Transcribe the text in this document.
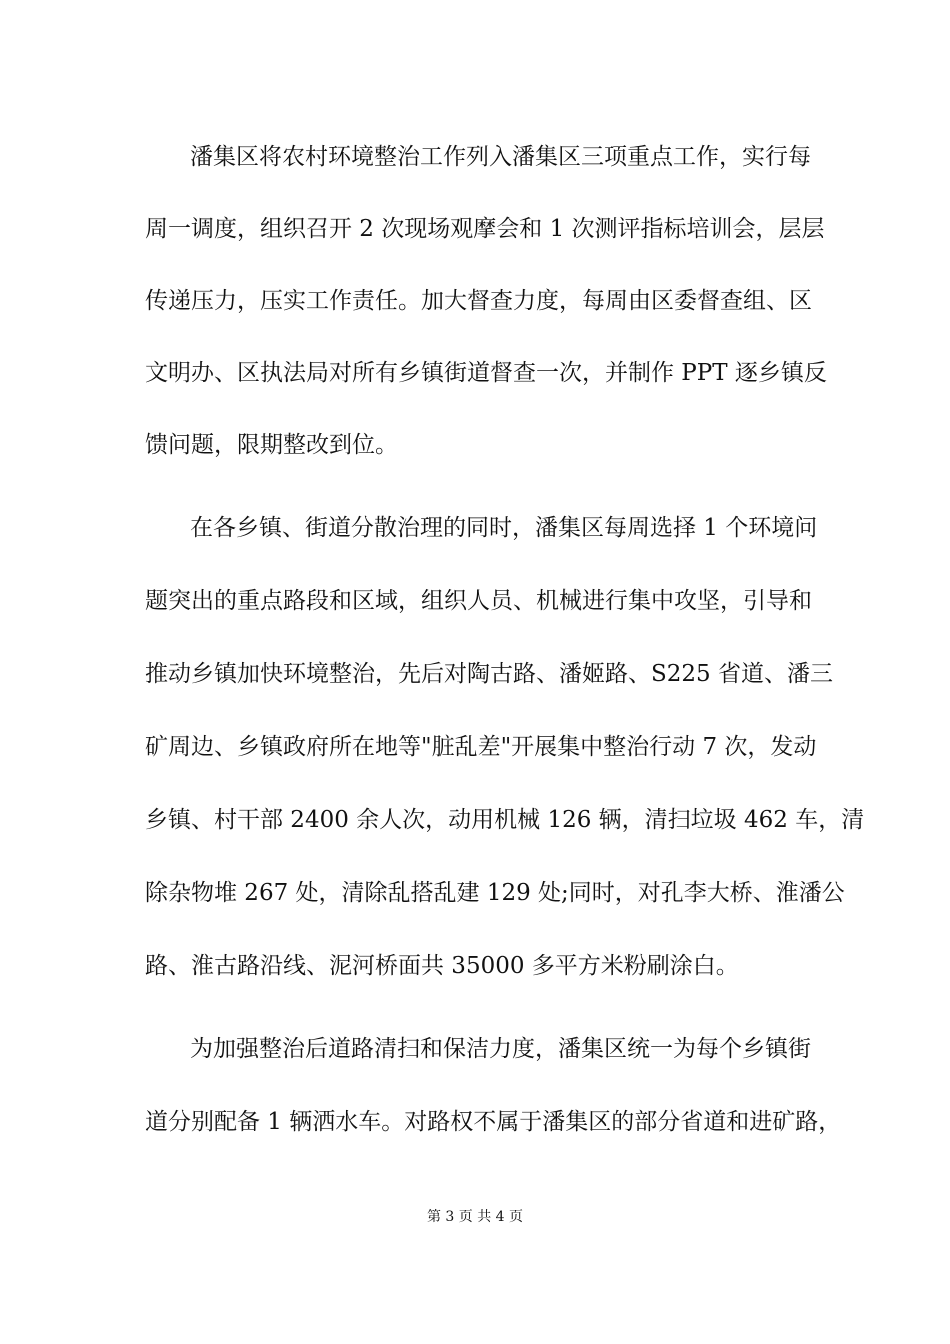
潘集区将农村环境整治工作列入潘集区三项重点工作，实行每
周一调度，组织召开 2 次现场观摩会和 1 次测评指标培训会，层层
传递压力，压实工作责任。加大督查力度，每周由区委督查组、区
文明办、区执法局对所有乡镇街道督查一次，并制作 PPT 逐乡镇反
馈问题，限期整改到位。
在各乡镇、街道分散治理的同时，潘集区每周选择 1 个环境问
题突出的重点路段和区域，组织人员、机械进行集中攻坚，引导和
推动乡镇加快环境整治，先后对陶古路、潘姬路、S225 省道、潘三
矿周边、乡镇政府所在地等"脏乱差"开展集中整治行动 7 次，发动
乡镇、村干部 2400 余人次，动用机械 126 辆，清扫垃圾 462 车，清
除杂物堆 267 处，清除乱搭乱建 129 处;同时，对孔李大桥、淮潘公
路、淮古路沿线、泥河桥面共 35000 多平方米粉刷涂白。
为加强整治后道路清扫和保洁力度，潘集区统一为每个乡镇街
道分别配备 1 辆洒水车。对路权不属于潘集区的部分省道和进矿路，
第 3 页 共 4 页
